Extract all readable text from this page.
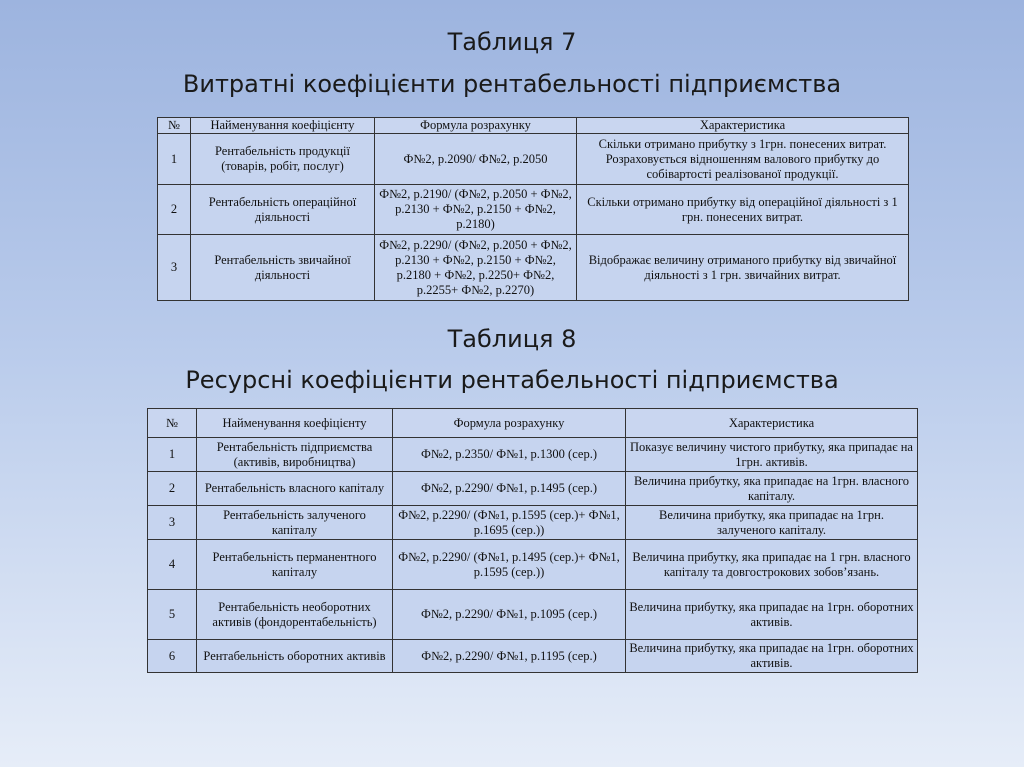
Таблиця 7
Витратні коефіцієнти рентабельності підприємства
№	Найменування коефіцієнту	Формула розрахунку	Характеристика
1	Рентабельність продукції (товарів, робіт, послуг)	Ф№2, р.2090/ Ф№2, р.2050	Скільки отримано прибутку з 1грн. понесених витрат. Розраховується відношенням валового прибутку до собівартості реалізованої продукції.
2	Рентабельність операційної діяльності	Ф№2, р.2190/ (Ф№2, р.2050 + Ф№2, р.2130 + Ф№2, р.2150 + Ф№2, р.2180)	Скільки отримано прибутку від операційної діяльності з 1 грн. понесених витрат.
3	Рентабельність звичайної діяльності	Ф№2, р.2290/ (Ф№2, р.2050 + Ф№2, р.2130 + Ф№2, р.2150 + Ф№2, р.2180 + Ф№2, р.2250+ Ф№2, р.2255+ Ф№2, р.2270)	Відображає величину отриманого прибутку від звичайної діяльності з 1 грн. звичайних витрат.
Таблиця 8
Ресурсні коефіцієнти рентабельності підприємства
№	Найменування коефіцієнту	Формула розрахунку	Характеристика
1	Рентабельність підприємства (активів, виробництва)	Ф№2, р.2350/ Ф№1, р.1300 (сер.)	Показує величину чистого прибутку, яка припадає на 1грн. активів.
2	Рентабельність власного капіталу	Ф№2, р.2290/ Ф№1, р.1495 (сер.)	Величина прибутку, яка припадає на 1грн. власного капіталу.
3	Рентабельність залученого капіталу	Ф№2, р.2290/ (Ф№1, р.1595 (сер.)+ Ф№1, р.1695 (сер.))	Величина прибутку, яка припадає на 1грн. залученого капіталу.
4	Рентабельність перманентного капіталу	Ф№2, р.2290/ (Ф№1, р.1495 (сер.)+ Ф№1, р.1595 (сер.))	Величина прибутку, яка припадає на 1 грн. власного капіталу та довгострокових зобов’язань.
5	Рентабельність необоротних активів (фондорентабельність)	Ф№2, р.2290/ Ф№1, р.1095 (сер.)	Величина прибутку, яка припадає на 1грн. оборотних активів.
6	Рентабельність оборотних активів	Ф№2, р.2290/ Ф№1, р.1195 (сер.)	Величина прибутку, яка припадає на 1грн. оборотних активів.
